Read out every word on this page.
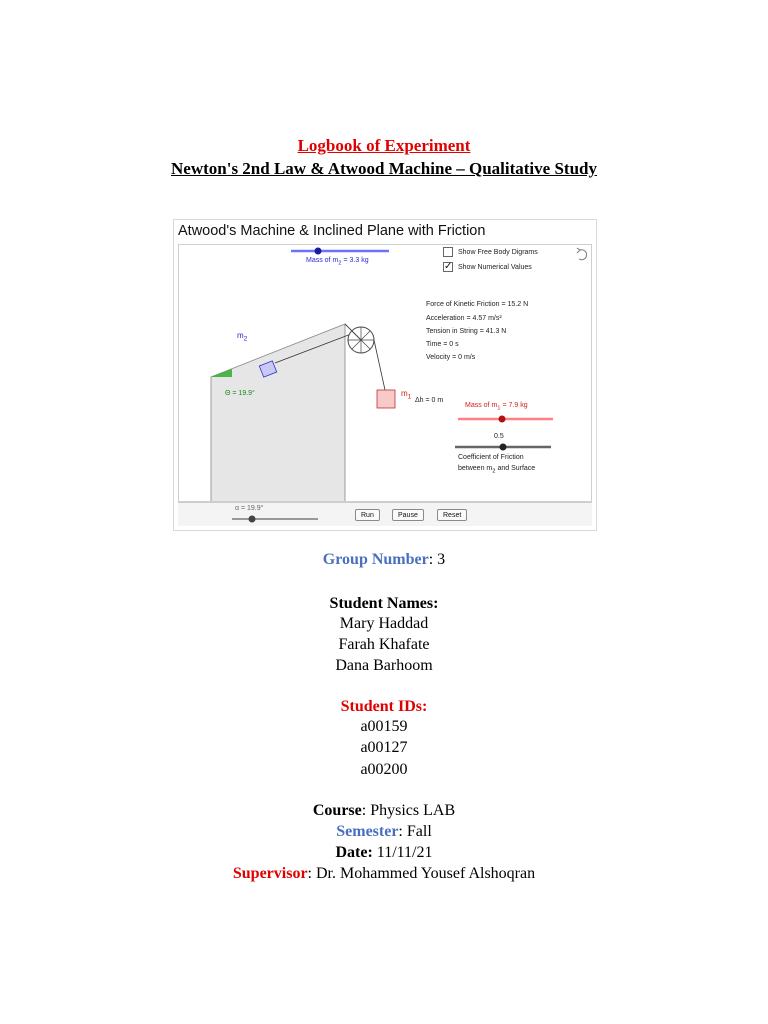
Logbook of Experiment
Newton's 2nd Law & Atwood Machine – Qualitative Study
Atwood's Machine & Inclined Plane with Friction
Mass of $m_2 = 3.3$ kg
Show Free Body Digrams
✓ Show Numerical Values
Force of Kinetic Friction = 15.2 N
Acceleration = 4.57 m/s²
Tension in String = 41.3 N
Time = 0 s
Velocity = 0 m/s
$m_2$
$m_1$
Θ = 19.9°
Δh = 0 m
Mass of $m_1 = 7.9$ kg
0.5
Coefficient of Friction
between $m_2$ and Surface
α = 19.9°
Run	Pause	Reset
Group Number: 3
Student Names:
Mary Haddad
Farah Khafate
Dana Barhoom
Student IDs:
a00159
a00127
a00200
Course: Physics LAB
Semester: Fall
Date: 11/11/21
Supervisor: Dr. Mohammed Yousef Alshoqran
